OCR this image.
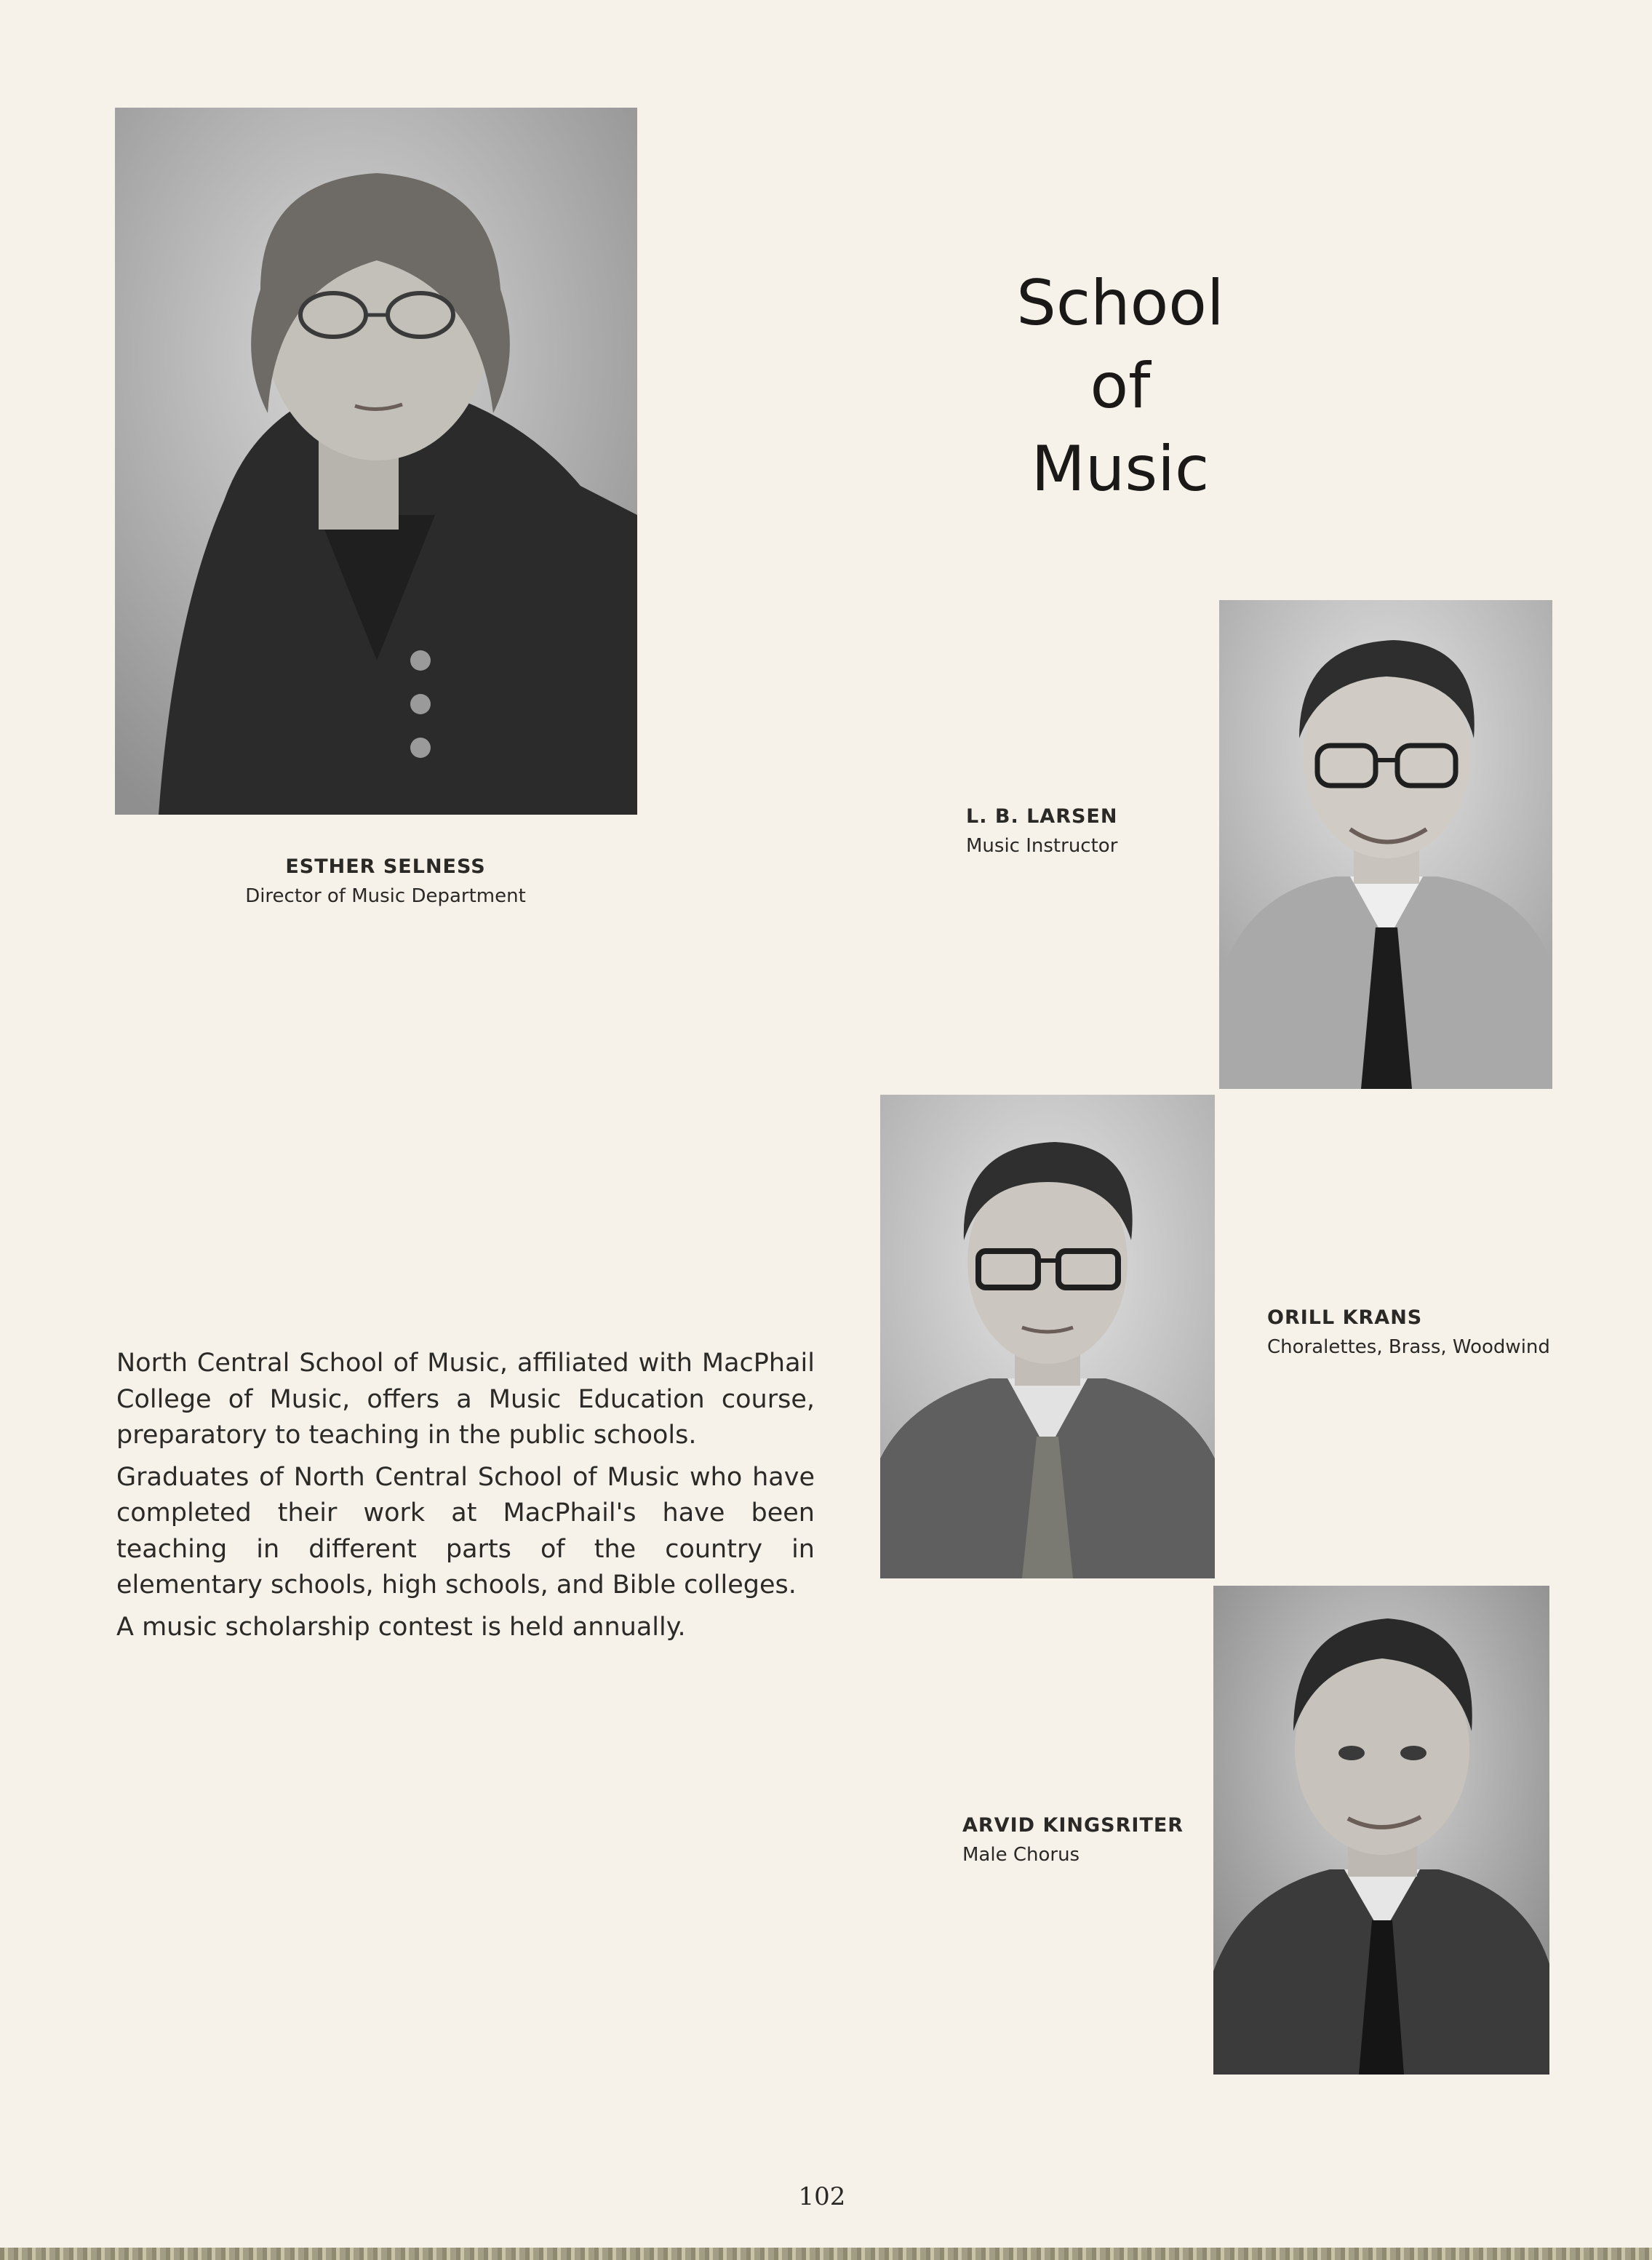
School
of
Music
ESTHER SELNESS
Director of Music Department
L. B. LARSEN
Music Instructor
ORILL KRANS
Choralettes, Brass, Woodwind
ARVID KINGSRITER
Male Chorus

North Central School of Music, affiliated with MacPhail College of Music, offers a Music Education course, preparatory to teaching in the public schools.

Graduates of North Central School of Music who have completed their work at MacPhail's have been teaching in different parts of the country in elementary schools, high schools, and Bible colleges.

A music scholarship contest is held annually.

102
